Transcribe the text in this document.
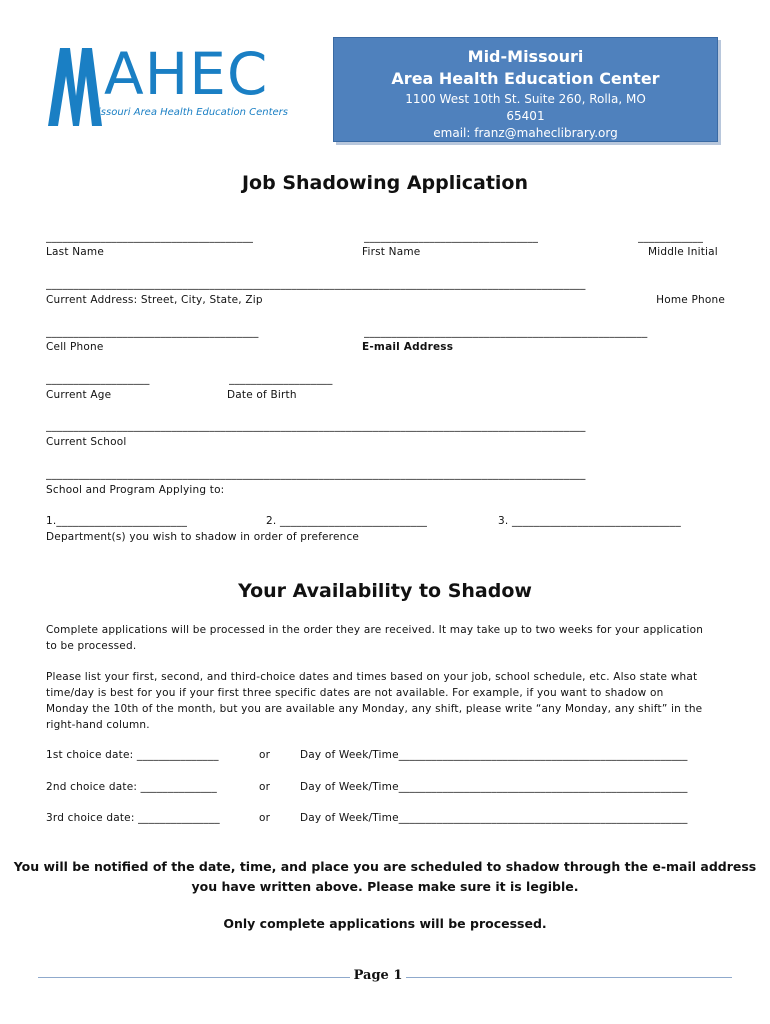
AHEC
issouri Area Health Education Centers
Mid-Missouri
Area Health Education Center
1100 West 10th St. Suite 260, Rolla, MO
65401
email: franz@maheclibrary.org
Job Shadowing Application
______________________________________	________________________________	____________
Last Name	First Name	Middle Initial
___________________________________________________________________________________________________
Current Address: Street, City, State, Zip	Home Phone
_______________________________________	____________________________________________________
Cell Phone	E-mail Address
___________________	___________________
Current Age	Date of Birth
___________________________________________________________________________________________________
Current School
___________________________________________________________________________________________________
School and Program Applying to:
1.________________________	2. ___________________________	3. _______________________________
Department(s) you wish to shadow in order of preference
Your Availability to Shadow
Complete applications will be processed in the order they are received. It may take up to two weeks for your application to be processed.
Please list your first, second, and third-choice dates and times based on your job, school schedule, etc. Also state what time/day is best for you if your first three specific dates are not available. For example, if you want to shadow on Monday the 10th of the month, but you are available any Monday, any shift, please write “any Monday, any shift” in the right-hand column.
1st choice date: _______________	or	Day of Week/Time_____________________________________________________
2nd choice date: ______________	or	Day of Week/Time_____________________________________________________
3rd choice date: _______________	or	Day of Week/Time_____________________________________________________
You will be notified of the date, time, and place you are scheduled to shadow through the e-mail address
you have written above. Please make sure it is legible.
Only complete applications will be processed.
Page 1
